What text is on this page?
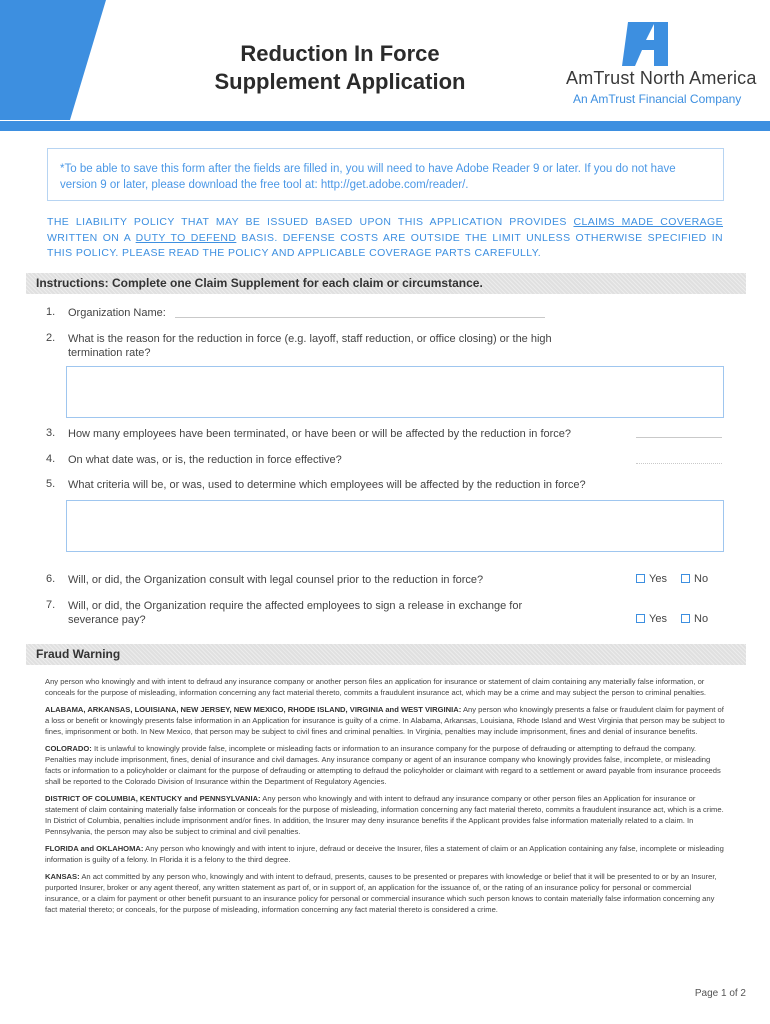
Reduction In Force
Supplement Application	AmTrust North America
An AmTrust Financial Company
*To be able to save this form after the fields are filled in, you will need to have Adobe Reader 9 or later. If you do not have version 9 or later, please download the free tool at: http://get.adobe.com/reader/.
THE LIABILITY POLICY THAT MAY BE ISSUED BASED UPON THIS APPLICATION PROVIDES CLAIMS MADE COVERAGE WRITTEN ON A DUTY TO DEFEND BASIS. DEFENSE COSTS ARE OUTSIDE THE LIMIT UNLESS OTHERWISE SPECIFIED IN THIS POLICY. PLEASE READ THE POLICY AND APPLICABLE COVERAGE PARTS CAREFULLY.
Instructions: Complete one Claim Supplement for each claim or circumstance.
1. Organization Name:
2. What is the reason for the reduction in force (e.g. layoff, staff reduction, or office closing) or the high termination rate?
3. How many employees have been terminated, or have been or will be affected by the reduction in force?
4. On what date was, or is, the reduction in force effective?
5. What criteria will be, or was, used to determine which employees will be affected by the reduction in force?
6. Will, or did, the Organization consult with legal counsel prior to the reduction in force?	Yes No
7. Will, or did, the Organization require the affected employees to sign a release in exchange for severance pay?	Yes No
Fraud Warning

Any person who knowingly and with intent to defraud any insurance company or another person files an application for insurance or statement of claim containing any materially false information, or conceals for the purpose of misleading, information concerning any fact material thereto, commits a fraudulent insurance act, which may be a crime and may subject the person to criminal penalties.

ALABAMA, ARKANSAS, LOUISIANA, NEW JERSEY, NEW MEXICO, RHODE ISLAND, VIRGINIA and WEST VIRGINIA: Any person who knowingly presents a false or fraudulent claim for payment of a loss or benefit or knowingly presents false information in an Application for insurance is guilty of a crime. In Alabama, Arkansas, Louisiana, Rhode Island and West Virginia that person may be subject to fines, imprisonment or both. In New Mexico, that person may be subject to civil fines and criminal penalties. In Virginia, penalties may include imprisonment, fines and denial of insurance benefits.

COLORADO: It is unlawful to knowingly provide false, incomplete or misleading facts or information to an insurance company for the purpose of defrauding or attempting to defraud the company. Penalties may include imprisonment, fines, denial of insurance and civil damages. Any insurance company or agent of an insurance company who knowingly provides false, incomplete, or misleading facts or information to a policyholder or claimant for the purpose of defrauding or attempting to defraud the policyholder or claimant with regard to a settlement or award payable from insurance proceeds shall be reported to the Colorado Division of Insurance within the Department of Regulatory Agencies.

DISTRICT OF COLUMBIA, KENTUCKY and PENNSYLVANIA: Any person who knowingly and with intent to defraud any insurance company or other person files an Application for insurance or statement of claim containing materially false information or conceals for the purpose of misleading, information concerning any fact material thereto, commits a fraudulent insurance act, which is a crime. In District of Columbia, penalties include imprisonment and/or fines. In addition, the Insurer may deny insurance benefits if the Applicant provides false information materially related to a claim. In Pennsylvania, the person may also be subject to criminal and civil penalties.

FLORIDA and OKLAHOMA: Any person who knowingly and with intent to injure, defraud or deceive the Insurer, files a statement of claim or an Application containing any false, incomplete or misleading information is guilty of a felony. In Florida it is a felony to the third degree.

KANSAS: An act committed by any person who, knowingly and with intent to defraud, presents, causes to be presented or prepares with knowledge or belief that it will be presented to or by an Insurer, purported Insurer, broker or any agent thereof, any written statement as part of, or in support of, an application for the issuance of, or the rating of an insurance policy for personal or commercial insurance, or a claim for payment or other benefit pursuant to an insurance policy for personal or commercial insurance which such person knows to contain materially false information concerning any fact material thereto; or conceals, for the purpose of misleading, information concerning any fact material thereto is considered a crime.

Page 1 of 2
